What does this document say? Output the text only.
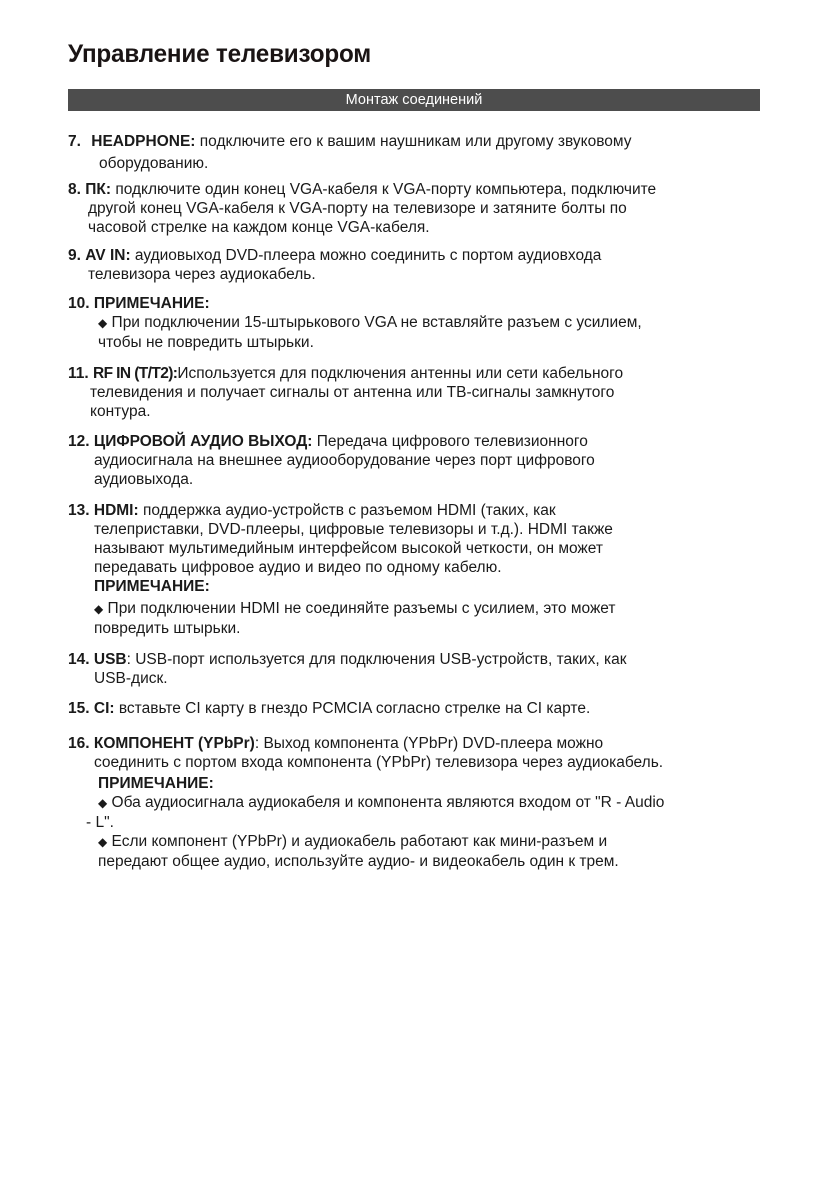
Управление телевизором
Монтаж соединений
7. HEADPHONE: подключите его к вашим наушникам или другому звуковому
оборудованию.
8. ПК: подключите один конец VGA-кабеля к VGA-порту компьютера, подключите
другой конец VGA-кабеля к VGA-порту на телевизоре и затяните болты по
часовой стрелке на каждом конце VGA-кабеля.
9. AV IN: аудиовыход DVD-плеера можно соединить с портом аудиовхода
телевизора через аудиокабель.
10. ПРИМЕЧАНИЕ:
◆ При подключении 15-штырькового VGA не вставляйте разъем с усилием,
чтобы не повредить штырьки.
11. RF IN (T/T2):Используется для подключения антенны или сети кабельного
телевидения и получает сигналы от антенна или ТВ-сигналы замкнутого
контура.
12. ЦИФРОВОЙ АУДИО ВЫХОД: Передача цифрового телевизионного
аудиосигнала на внешнее аудиооборудование через порт цифрового
аудиовыхода.
13. HDMI: поддержка аудио-устройств с разъемом HDMI (таких, как
телеприставки, DVD-плееры, цифровые телевизоры и т.д.). HDMI также
называют мультимедийным интерфейсом высокой четкости, он может
передавать цифровое аудио и видео по одному кабелю.
ПРИМЕЧАНИЕ:
◆ При подключении HDMI не соединяйте разъемы с усилием, это может
повредить штырьки.
14. USB: USB-порт используется для подключения USB-устройств, таких, как
USB-диск.
15. CI: вставьте CI карту в гнездо PCMCIA согласно стрелке на CI карте.
16. КОМПОНЕНТ (YPbPr): Выход компонента (YPbPr) DVD-плеера можно
соединить с портом входа компонента (YPbPr) телевизора через аудиокабель.
ПРИМЕЧАНИЕ:
◆ Оба аудиосигнала аудиокабеля и компонента являются входом от "R - Audio
- L".
◆ Если компонент (YPbPr) и аудиокабель работают как мини-разъем и
передают общее аудио, используйте аудио- и видеокабель один к трем.
